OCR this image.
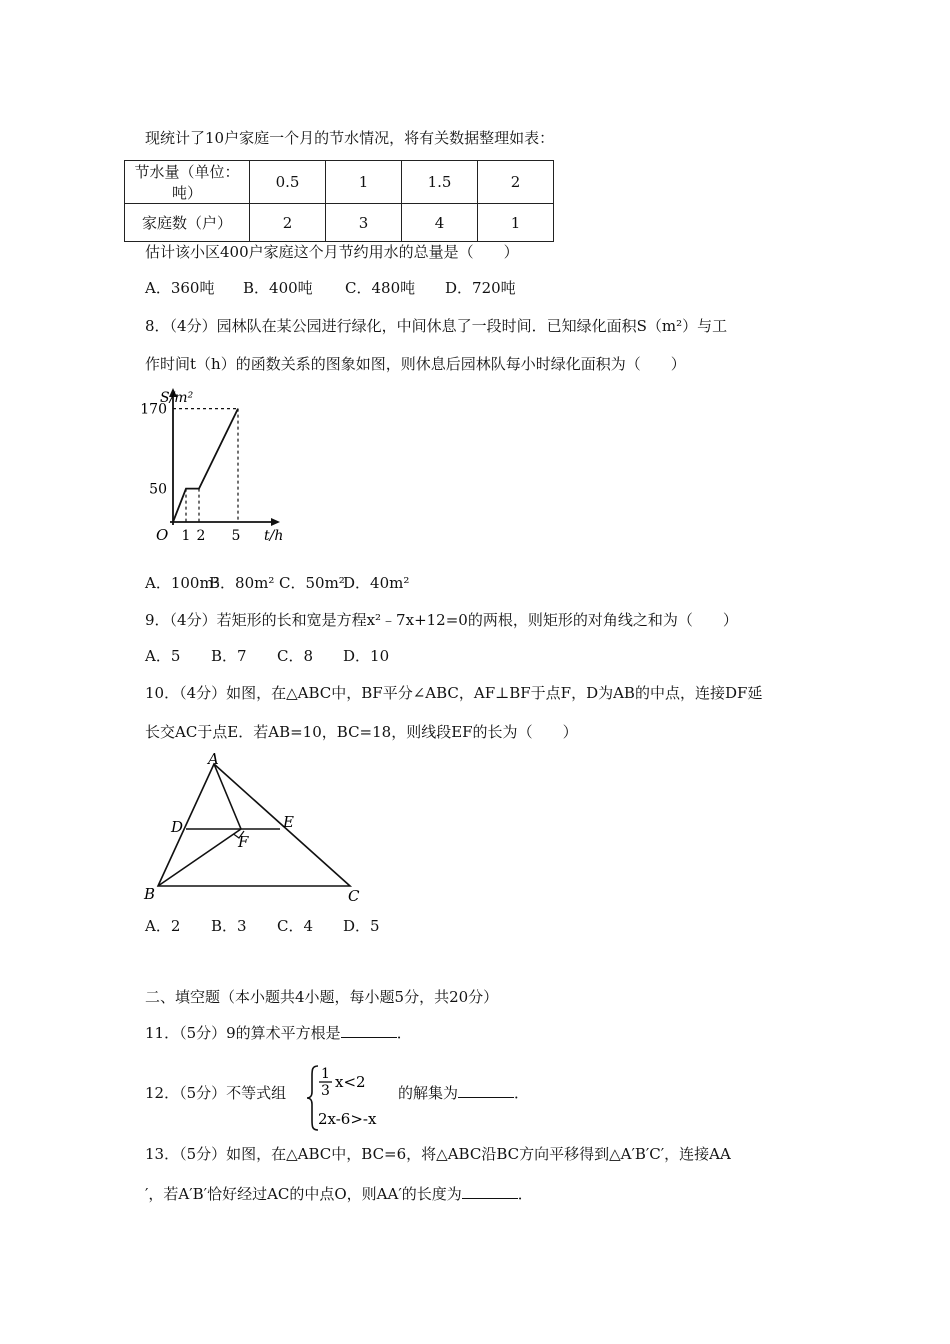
现统计了10户家庭一个月的节水情况，将有关数据整理如表：
节水量（单位：吨）	0.5	1	1.5	2
家庭数（户）	2	3	4	1
估计该小区400户家庭这个月节约用水的总量是（　　）
A．360吨 B．400吨 C．480吨 D．720吨
8．（4分）园林队在某公园进行绿化，中间休息了一段时间．已知绿化面积S（m²）与工
作时间t（h）的函数关系的图象如图，则休息后园林队每小时绿化面积为（　　）
S/m²
t/h
O 1 2 5
50
170
A．100m²B．80m² C．50m²D．40m²
9．（4分）若矩形的长和宽是方程x²﹣7x+12=0的两根，则矩形的对角线之和为（　　）
A．5 B．7 C．8 D．10
10．（4分）如图，在△ABC中，BF平分∠ABC，AF⊥BF于点F，D为AB的中点，连接DF延
长交AC于点E．若AB=10，BC=18，则线段EF的长为（　　）
A
B	C
D	E
F
A．2 B．3 C．4 D．5
二、填空题（本小题共4小题，每小题5分，共20分）
11．（5分）9的算术平方根是	．
12．（5分）不等式组
1
3 x<2
2x-6>-x
的解集为	．
13．（5分）如图，在△ABC中，BC=6，将△ABC沿BC方向平移得到△A′B′C′，连接AA
′，若A′B′恰好经过AC的中点O，则AA′的长度为	．
